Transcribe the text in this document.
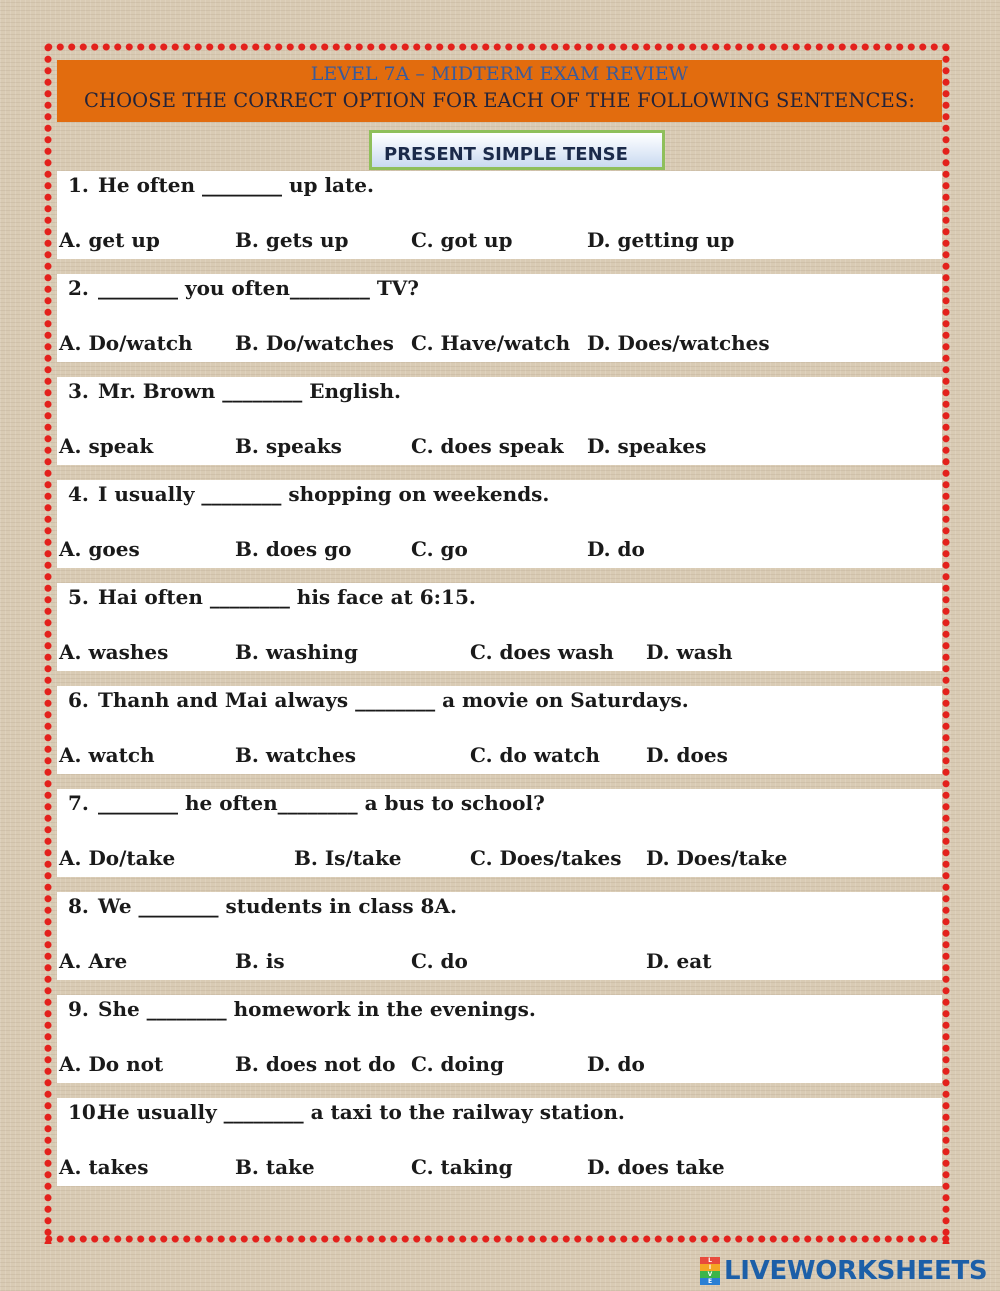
LEVEL 7A – MIDTERM EXAM REVIEW
CHOOSE THE CORRECT OPTION FOR EACH OF THE FOLLOWING SENTENCES:
PRESENT SIMPLE TENSE
1. He often ________ up late.
A. get up	B. gets up	C. got up	D. getting up
2. ________ you often________ TV?
A. Do/watch B. Do/watches C. Have/watch D. Does/watches
3. Mr. Brown ________ English.
A. speak	B. speaks	C. does speak D. speakes
4. I usually ________ shopping on weekends.
A. goes	B. does go	C. go	D. do
5. Hai often ________ his face at 6:15.
A. washes	B. washing	C. does wash D. wash
6. Thanh and Mai always ________ a movie on Saturdays.
A. watch	B. watches	C. do watch D. does
7. ________ he often________ a bus to school?
A. Do/take	B. Is/take	C. Does/takes D. Does/take
8. We ________ students in class 8A.
A. Are	B. is	C. do	D. eat
9. She ________ homework in the evenings.
A. Do not	B. does not do C. doing	D. do
10.He usually ________ a taxi to the railway station.
A. takes	B. take	C. taking	D. does take
L
I
V
E LIVEWORKSHEETS
